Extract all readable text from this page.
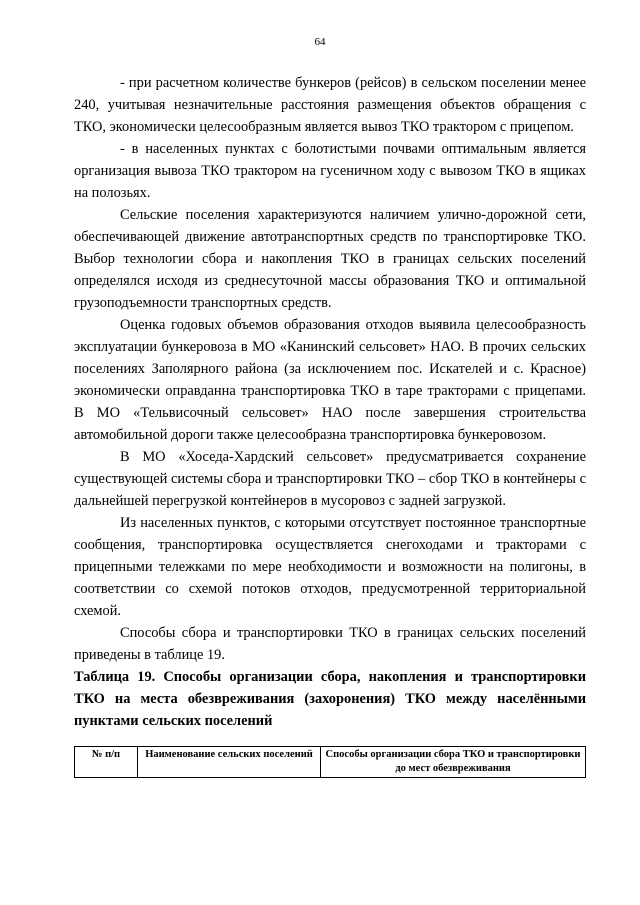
64

- при расчетном количестве бункеров (рейсов) в сельском поселении менее 240, учитывая незначительные расстояния размещения объектов обращения с ТКО, экономически целесообразным является вывоз ТКО трактором с прицепом.

- в населенных пунктах с болотистыми почвами оптимальным является организация вывоза ТКО трактором на гусеничном ходу с вывозом ТКО в ящиках на полозьях.

Сельские поселения характеризуются наличием улично-дорожной сети, обеспечивающей движение автотранспортных средств по транспортировке ТКО. Выбор технологии сбора и накопления ТКО в границах сельских поселений определялся исходя из среднесуточной массы образования ТКО и оптимальной грузоподъемности транспортных средств.

Оценка годовых объемов образования отходов выявила целесообразность эксплуатации бункеровоза в МО «Канинский сельсовет» НАО. В прочих сельских поселениях Заполярного района (за исключением пос. Искателей и с. Красное) экономически оправданна транспортировка ТКО в таре тракторами с прицепами. В МО «Тельвисочный сельсовет» НАО после завершения строительства автомобильной дороги также целесообразна транспортировка бункеровозом.

В МО «Хоседа-Хардский сельсовет» предусматривается сохранение существующей системы сбора и транспортировки ТКО – сбор ТКО в контейнеры с дальнейшей перегрузкой контейнеров в мусоровоз с задней загрузкой.

Из населенных пунктов, с которыми отсутствует постоянное транспортные сообщения, транспортировка осуществляется снегоходами и тракторами с прицепными тележками по мере необходимости и возможности на полигоны, в соответствии со схемой потоков отходов, предусмотренной территориальной схемой.

Способы сбора и транспортировки ТКО в границах сельских поселений приведены в таблице 19.

Таблица 19. Способы организации сбора, накопления и транспортировки ТКО на места обезвреживания (захоронения) ТКО между населёнными пунктами сельских поселений

№ п/п	Наименование сельских поселений	Способы организации сбора ТКО и транспортировки до мест обезвреживания
